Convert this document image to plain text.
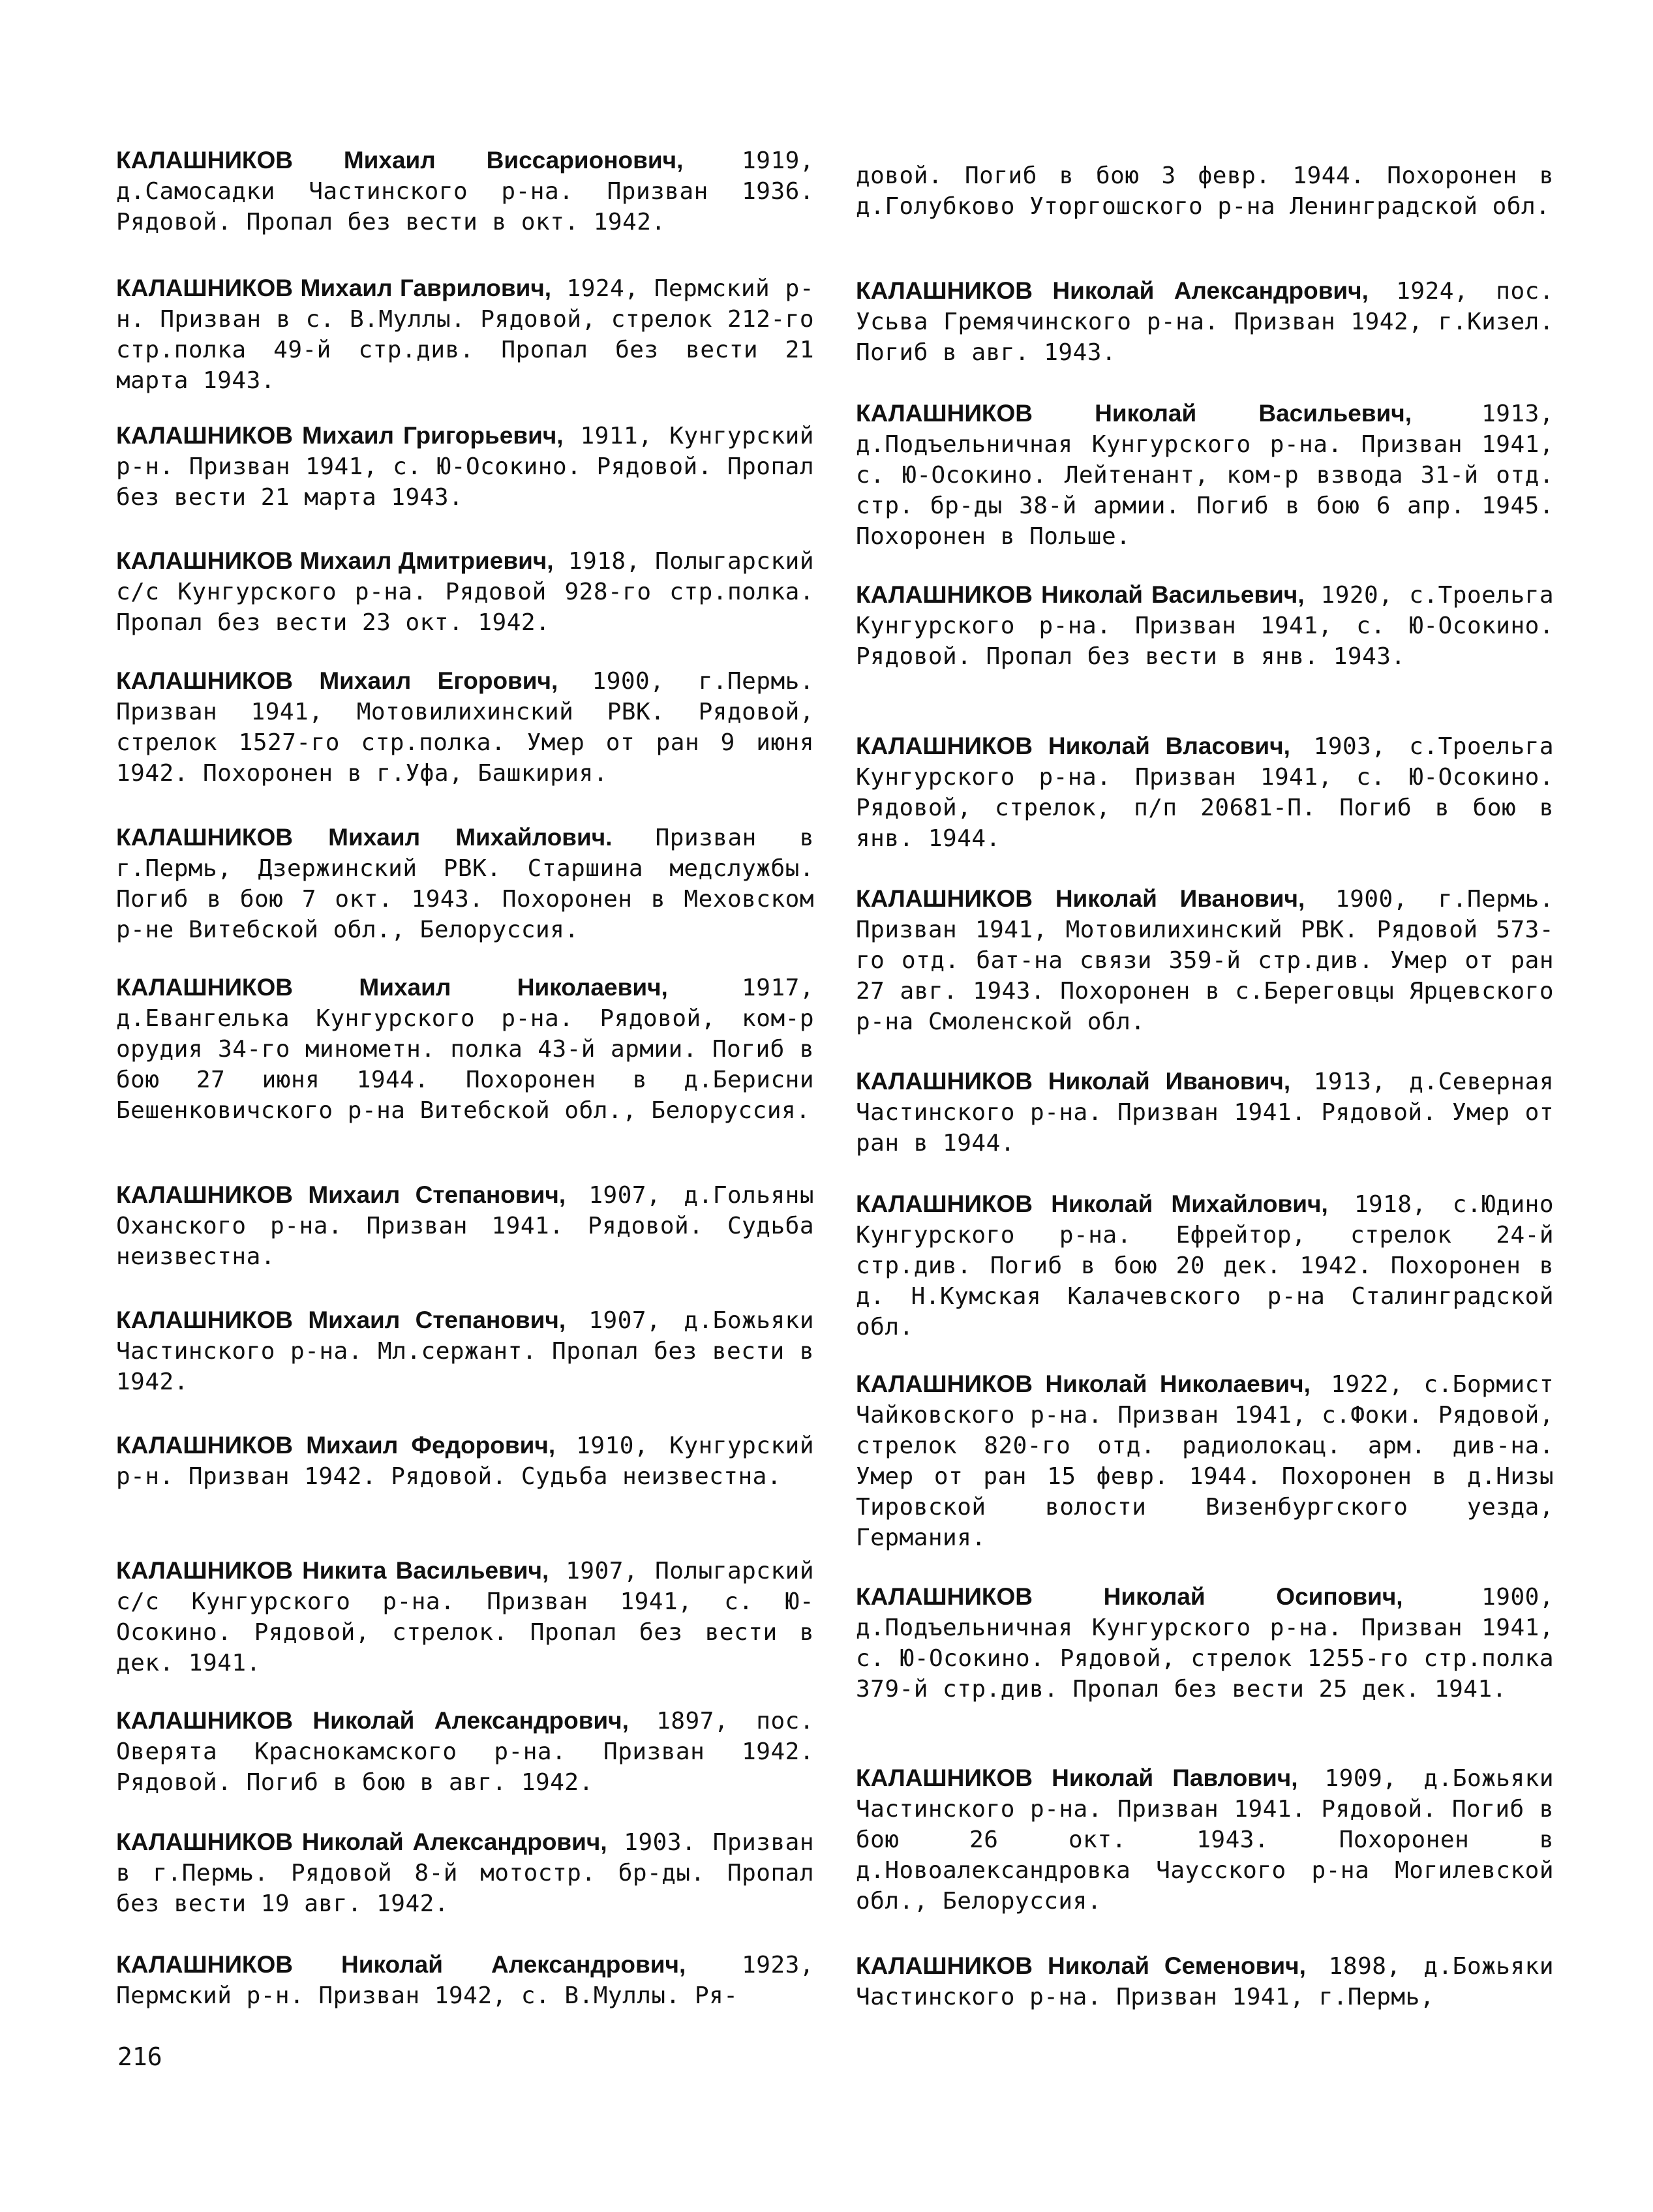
КАЛАШНИКОВ Михаил Виссарионович, 1919, д.Самосадки Частинского р-на. Призван 1936. Рядовой. Пропал без вести в окт. 1942.

КАЛАШНИКОВ Михаил Гаврилович, 1924, Пермский р-н. Призван в с. В.Муллы. Рядовой, стрелок 212-го стр.полка 49-й стр.див. Пропал без вести 21 марта 1943.

КАЛАШНИКОВ Михаил Григорьевич, 1911, Кунгурский р-н. Призван 1941, с. Ю-Осокино. Рядовой. Пропал без вести 21 марта 1943.

КАЛАШНИКОВ Михаил Дмитриевич, 1918, Полыгарский с/с Кунгурского р-на. Рядовой 928-го стр.полка. Пропал без вести 23 окт. 1942.

КАЛАШНИКОВ Михаил Егорович, 1900, г.Пермь. Призван 1941, Мотовилихинский РВК. Рядовой, стрелок 1527-го стр.полка. Умер от ран 9 июня 1942. Похоронен в г.Уфа, Башкирия.

КАЛАШНИКОВ Михаил Михайлович. Призван в г.Пермь, Дзержинский РВК. Старшина медслужбы. Погиб в бою 7 окт. 1943. Похоронен в Меховском р-не Витебской обл., Белоруссия.

КАЛАШНИКОВ Михаил Николаевич, 1917, д.Евангелька Кунгурского р-на. Рядовой, ком-р орудия 34-го минометн. полка 43-й армии. Погиб в бою 27 июня 1944. Похоронен в д.Берисни Бешенковичского р-на Витебской обл., Белоруссия.

КАЛАШНИКОВ Михаил Степанович, 1907, д.Гольяны Оханского р-на. Призван 1941. Рядовой. Судьба неизвестна.

КАЛАШНИКОВ Михаил Степанович, 1907, д.Божьяки Частинского р-на. Мл.сержант. Пропал без вести в 1942.

КАЛАШНИКОВ Михаил Федорович, 1910, Кунгурский р-н. Призван 1942. Рядовой. Судьба неизвестна.

КАЛАШНИКОВ Никита Васильевич, 1907, Полыгарский с/с Кунгурского р-на. Призван 1941, с. Ю-Осокино. Рядовой, стрелок. Пропал без вести в дек. 1941.

КАЛАШНИКОВ Николай Александрович, 1897, пос. Оверята Краснокамского р-на. Призван 1942. Рядовой. Погиб в бою в авг. 1942.

КАЛАШНИКОВ Николай Александрович, 1903. Призван в г.Пермь. Рядовой 8-й мотостр. бр-ды. Пропал без вести 19 авг. 1942.

КАЛАШНИКОВ Николай Александрович, 1923, Пермский р-н. Призван 1942, с. В.Муллы. Ря-

довой. Погиб в бою 3 февр. 1944. Похоронен в д.Голубково Уторгошского р-на Ленинградской обл.

КАЛАШНИКОВ Николай Александрович, 1924, пос. Усьва Гремячинского р-на. Призван 1942, г.Кизел. Погиб в авг. 1943.

КАЛАШНИКОВ Николай Васильевич, 1913, д.Подъельничная Кунгурского р-на. Призван 1941, с. Ю-Осокино. Лейтенант, ком-р взвода 31-й отд. стр. бр-ды 38-й армии. Погиб в бою 6 апр. 1945. Похоронен в Польше.

КАЛАШНИКОВ Николай Васильевич, 1920, с.Троельга Кунгурского р-на. Призван 1941, с. Ю-Осокино. Рядовой. Пропал без вести в янв. 1943.

КАЛАШНИКОВ Николай Власович, 1903, с.Троельга Кунгурского р-на. Призван 1941, с. Ю-Осокино. Рядовой, стрелок, п/п 20681-П. Погиб в бою в янв. 1944.

КАЛАШНИКОВ Николай Иванович, 1900, г.Пермь. Призван 1941, Мотовилихинский РВК. Рядовой 573-го отд. бат-на связи 359-й стр.див. Умер от ран 27 авг. 1943. Похоронен в с.Береговцы Ярцевского р-на Смоленской обл.

КАЛАШНИКОВ Николай Иванович, 1913, д.Северная Частинского р-на. Призван 1941. Рядовой. Умер от ран в 1944.

КАЛАШНИКОВ Николай Михайлович, 1918, с.Юдино Кунгурского р-на. Ефрейтор, стрелок 24-й стр.див. Погиб в бою 20 дек. 1942. Похоронен в д. Н.Кумская Калачевского р-на Сталинградской обл.

КАЛАШНИКОВ Николай Николаевич, 1922, с.Бормист Чайковского р-на. Призван 1941, с.Фоки. Рядовой, стрелок 820-го отд. радиолокац. арм. див-на. Умер от ран 15 февр. 1944. Похоронен в д.Низы Тировской волости Визенбургского уезда, Германия.

КАЛАШНИКОВ Николай Осипович, 1900, д.Подъельничная Кунгурского р-на. Призван 1941, с. Ю-Осокино. Рядовой, стрелок 1255-го стр.полка 379-й стр.див. Пропал без вести 25 дек. 1941.

КАЛАШНИКОВ Николай Павлович, 1909, д.Божьяки Частинского р-на. Призван 1941. Рядовой. Погиб в бою 26 окт. 1943. Похоронен в д.Новоалександровка Чаусского р-на Могилевской обл., Белоруссия.

КАЛАШНИКОВ Николай Семенович, 1898, д.Божьяки Частинского р-на. Призван 1941, г.Пермь,

216
